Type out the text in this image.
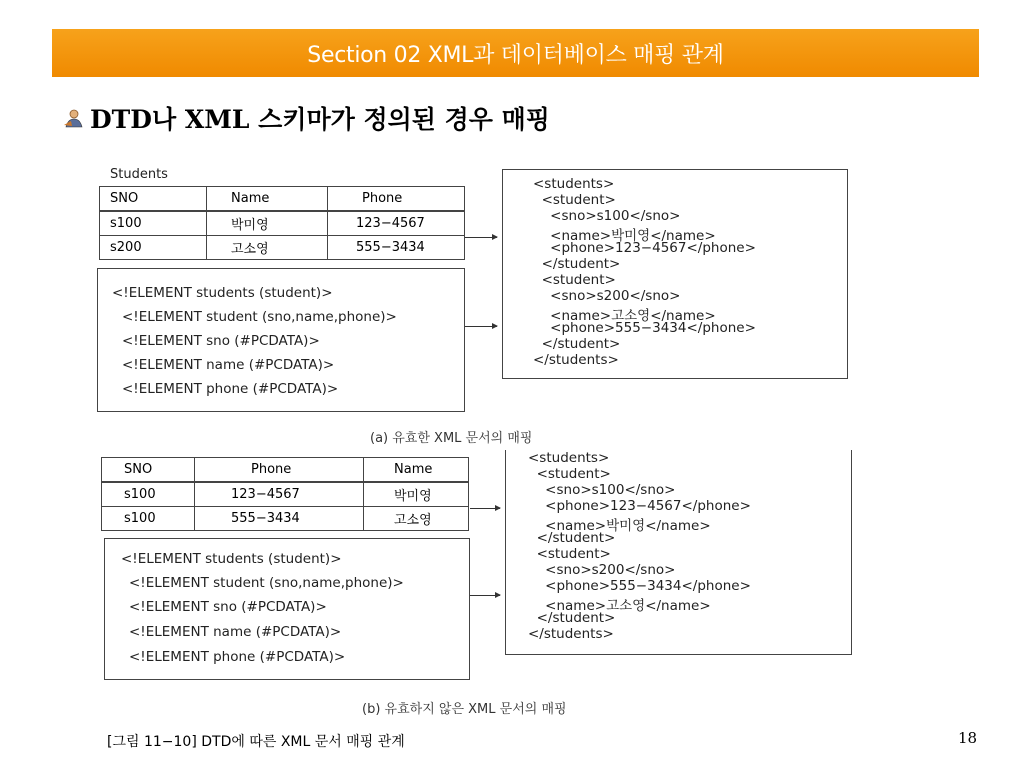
Section 02 XML과 데이터베이스 매핑 관계
DTD나 XML 스키마가 정의된 경우 매핑
Students
SNO	Name	Phone
s100	박미영	123−4567
s200	고소영	555−3434
<!ELEMENT students (student)>
<!ELEMENT student (sno,name,phone)>
<!ELEMENT sno (#PCDATA)>
<!ELEMENT name (#PCDATA)>
<!ELEMENT phone (#PCDATA)>
<students>
<student>
<sno>s100</sno>
<name>박미영</name>
<phone>123−4567</phone>
</student>
<student>
<sno>s200</sno>
<name>고소영</name>
<phone>555−3434</phone>
</student>
</students>
(a) 유효한 XML 문서의 매핑
SNO	Phone	Name
s100	123−4567	박미영
s100	555−3434	고소영
<!ELEMENT students (student)>
<!ELEMENT student (sno,name,phone)>
<!ELEMENT sno (#PCDATA)>
<!ELEMENT name (#PCDATA)>
<!ELEMENT phone (#PCDATA)>
<students>
<student>
<sno>s100</sno>
<phone>123−4567</phone>
<name>박미영</name>
</student>
<student>
<sno>s200</sno>
<phone>555−3434</phone>
<name>고소영</name>
</student>
</students>
(b) 유효하지 않은 XML 문서의 매핑
[그림 11−10] DTD에 따른 XML 문서 매핑 관계	18
